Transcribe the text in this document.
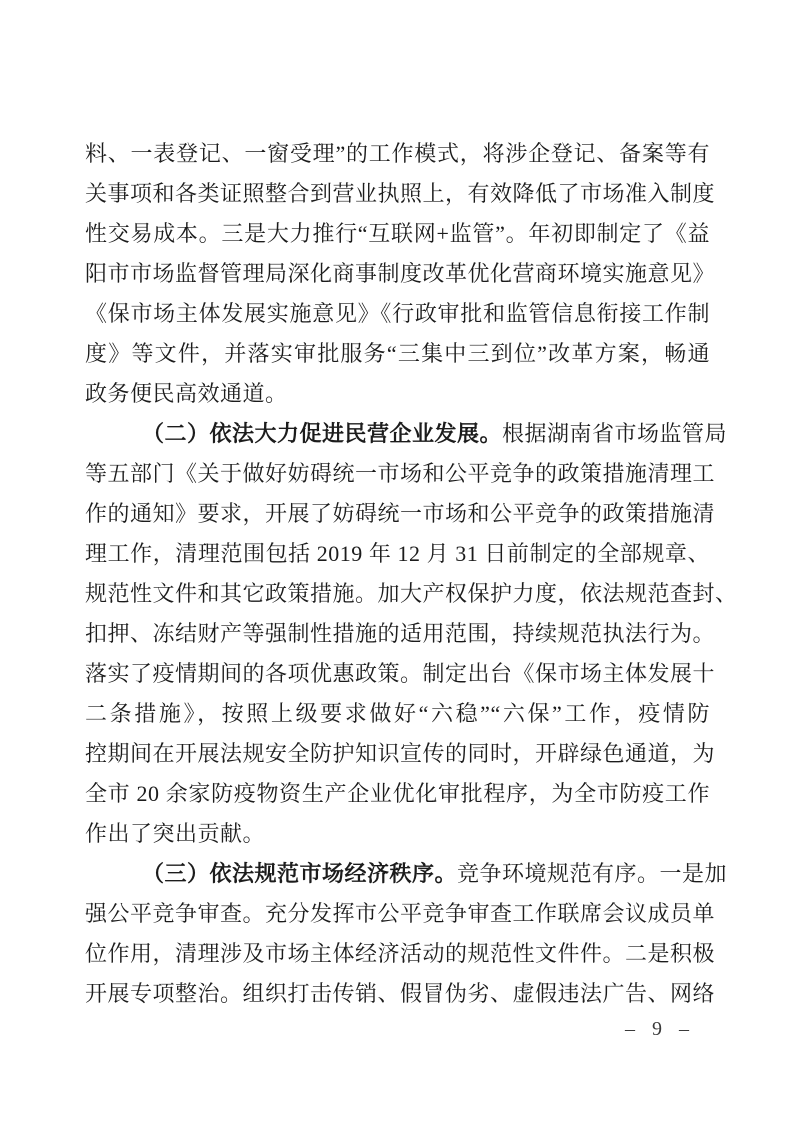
料、一表登记、一窗受理”的工作模式，将涉企登记、备案等有
关事项和各类证照整合到营业执照上，有效降低了市场准入制度
性交易成本。三是大力推行“互联网+监管”。年初即制定了《益
阳市市场监督管理局深化商事制度改革优化营商环境实施意见》
《保市场主体发展实施意见》《行政审批和监管信息衔接工作制
度》等文件，并落实审批服务“三集中三到位”改革方案，畅通
政务便民高效通道。
（二）依法大力促进民营企业发展。根据湖南省市场监管局
等五部门《关于做好妨碍统一市场和公平竞争的政策措施清理工
作的通知》要求，开展了妨碍统一市场和公平竞争的政策措施清
理工作，清理范围包括 2019 年 12 月 31 日前制定的全部规章、
规范性文件和其它政策措施。加大产权保护力度，依法规范查封、
扣押、冻结财产等强制性措施的适用范围，持续规范执法行为。
落实了疫情期间的各项优惠政策。制定出台《保市场主体发展十
二条措施》，按照上级要求做好“六稳”“六保”工作，疫情防
控期间在开展法规安全防护知识宣传的同时，开辟绿色通道，为
全市 20 余家防疫物资生产企业优化审批程序，为全市防疫工作
作出了突出贡献。
（三）依法规范市场经济秩序。竞争环境规范有序。一是加
强公平竞争审查。充分发挥市公平竞争审查工作联席会议成员单
位作用，清理涉及市场主体经济活动的规范性文件件。二是积极
开展专项整治。组织打击传销、假冒伪劣、虚假违法广告、网络
– 9 –
